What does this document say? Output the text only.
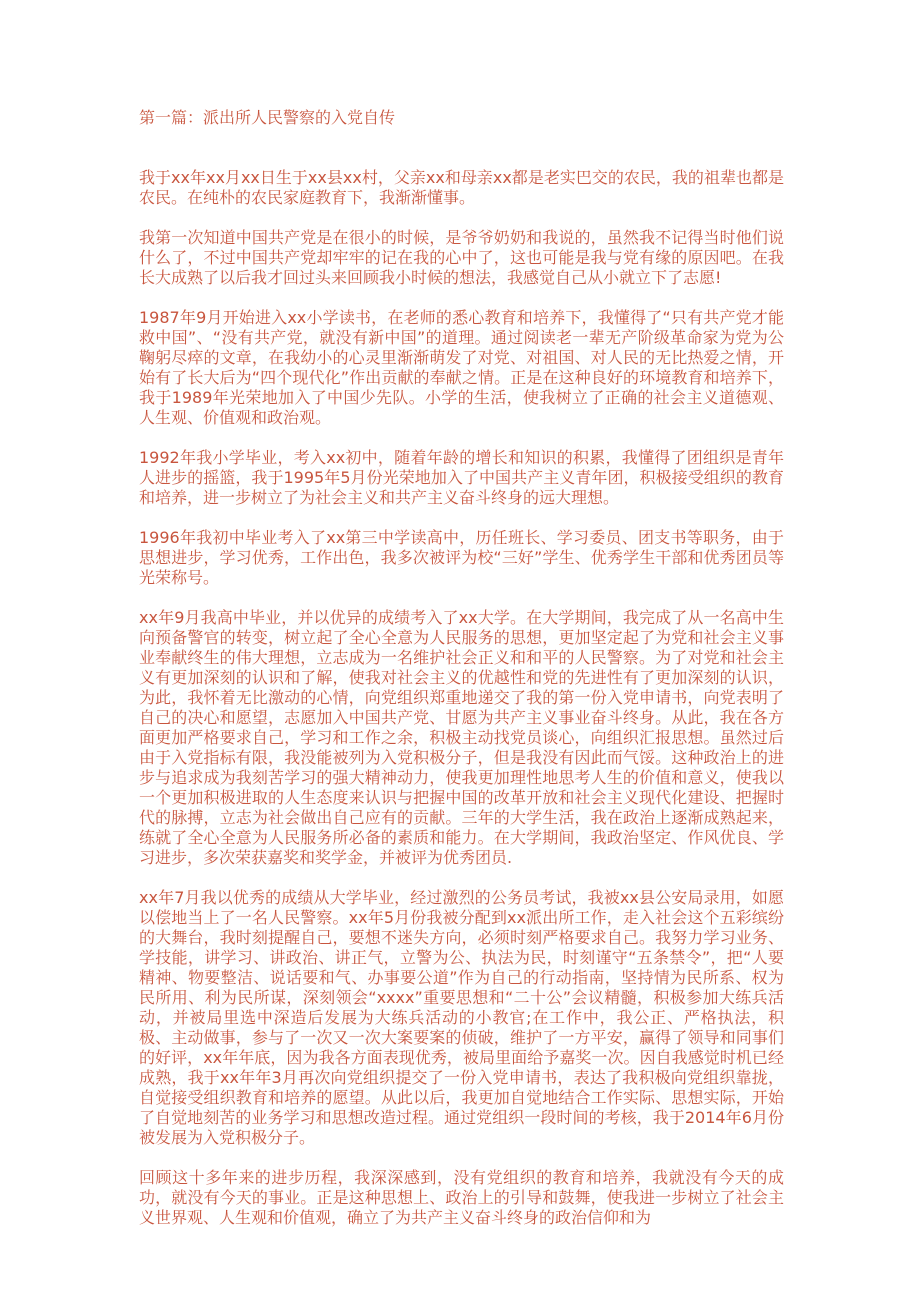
第一篇：派出所人民警察的入党自传

我于xx年xx月xx日生于xx县xx村，父亲xx和母亲xx都是老实巴交的农民，我的祖辈也都是农民。在纯朴的农民家庭教育下，我渐渐懂事。

我第一次知道中国共产党是在很小的时候，是爷爷奶奶和我说的，虽然我不记得当时他们说什么了，不过中国共产党却牢牢的记在我的心中了，这也可能是我与党有缘的原因吧。在我长大成熟了以后我才回过头来回顾我小时候的想法，我感觉自己从小就立下了志愿!

1987年9月开始进入xx小学读书，在老师的悉心教育和培养下，我懂得了“只有共产党才能救中国”、“没有共产党，就没有新中国”的道理。通过阅读老一辈无产阶级革命家为党为公鞠躬尽瘁的文章，在我幼小的心灵里渐渐萌发了对党、对祖国、对人民的无比热爱之情，开始有了长大后为“四个现代化”作出贡献的奉献之情。正是在这种良好的环境教育和培养下，我于1989年光荣地加入了中国少先队。小学的生活，使我树立了正确的社会主义道德观、人生观、价值观和政治观。

1992年我小学毕业，考入xx初中，随着年龄的增长和知识的积累，我懂得了团组织是青年人进步的摇篮，我于1995年5月份光荣地加入了中国共产主义青年团，积极接受组织的教育和培养，进一步树立了为社会主义和共产主义奋斗终身的远大理想。

1996年我初中毕业考入了xx第三中学读高中，历任班长、学习委员、团支书等职务，由于思想进步，学习优秀，工作出色，我多次被评为校“三好”学生、优秀学生干部和优秀团员等光荣称号。

xx年9月我高中毕业，并以优异的成绩考入了xx大学。在大学期间，我完成了从一名高中生向预备警官的转变，树立起了全心全意为人民服务的思想，更加坚定起了为党和社会主义事业奉献终生的伟大理想，立志成为一名维护社会正义和和平的人民警察。为了对党和社会主义有更加深刻的认识和了解，使我对社会主义的优越性和党的先进性有了更加深刻的认识，为此，我怀着无比激动的心情，向党组织郑重地递交了我的第一份入党申请书，向党表明了自己的决心和愿望，志愿加入中国共产党、甘愿为共产主义事业奋斗终身。从此，我在各方面更加严格要求自己，学习和工作之余，积极主动找党员谈心，向组织汇报思想。虽然过后由于入党指标有限，我没能被列为入党积极分子，但是我没有因此而气馁。这种政治上的进步与追求成为我刻苦学习的强大精神动力，使我更加理性地思考人生的价值和意义，使我以一个更加积极进取的人生态度来认识与把握中国的改革开放和社会主义现代化建设、把握时代的脉搏，立志为社会做出自己应有的贡献。三年的大学生活，我在政治上逐渐成熟起来，练就了全心全意为人民服务所必备的素质和能力。在大学期间，我政治坚定、作风优良、学习进步，多次荣获嘉奖和奖学金，并被评为优秀团员.

xx年7月我以优秀的成绩从大学毕业，经过激烈的公务员考试，我被xx县公安局录用，如愿以偿地当上了一名人民警察。xx年5月份我被分配到xx派出所工作，走入社会这个五彩缤纷的大舞台，我时刻提醒自己，要想不迷失方向，必须时刻严格要求自己。我努力学习业务、学技能，讲学习、讲政治、讲正气，立警为公、执法为民，时刻谨守“五条禁令”，把“人要精神、物要整洁、说话要和气、办事要公道”作为自己的行动指南，坚持情为民所系、权为民所用、利为民所谋，深刻领会“xxxx”重要思想和“二十公”会议精髓，积极参加大练兵活动，并被局里选中深造后发展为大练兵活动的小教官;在工作中，我公正、严格执法，积极、主动做事，参与了一次又一次大案要案的侦破，维护了一方平安，赢得了领导和同事们的好评，xx年年底，因为我各方面表现优秀，被局里面给予嘉奖一次。因自我感觉时机已经成熟，我于xx年年3月再次向党组织提交了一份入党申请书，表达了我积极向党组织靠拢，自觉接受组织教育和培养的愿望。从此以后，我更加自觉地结合工作实际、思想实际，开始了自觉地刻苦的业务学习和思想改造过程。通过党组织一段时间的考核，我于2014年6月份被发展为入党积极分子。

回顾这十多年来的进步历程，我深深感到，没有党组织的教育和培养，我就没有今天的成功，就没有今天的事业。正是这种思想上、政治上的引导和鼓舞，使我进一步树立了社会主义世界观、人生观和价值观，确立了为共产主义奋斗终身的政治信仰和为
